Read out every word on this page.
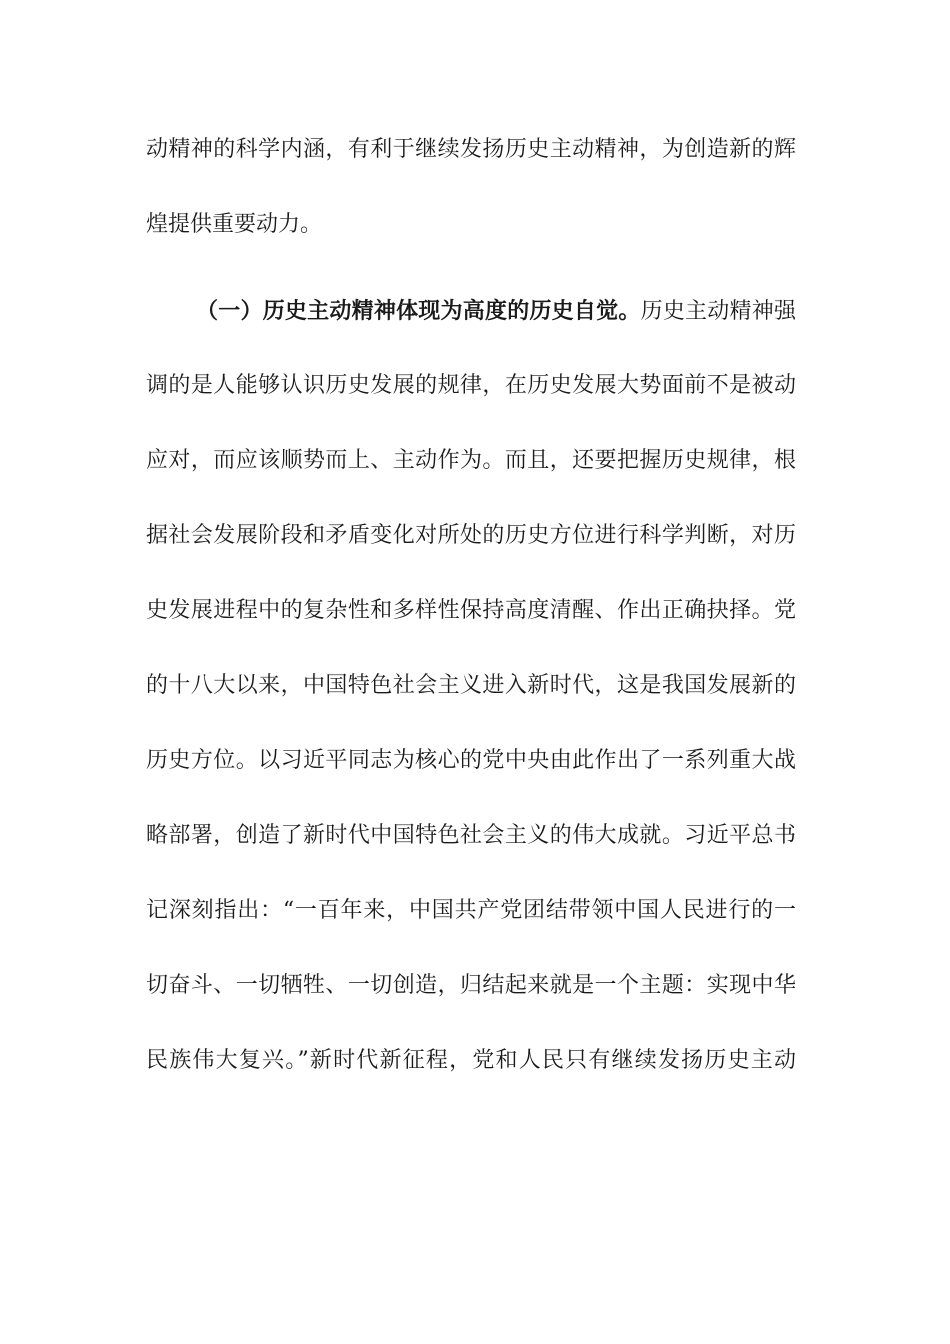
动精神的科学内涵，有利于继续发扬历史主动精神，为创造新的辉
煌提供重要动力。
（一）历史主动精神体现为高度的历史自觉。历史主动精神强
调的是人能够认识历史发展的规律，在历史发展大势面前不是被动
应对，而应该顺势而上、主动作为。而且，还要把握历史规律，根
据社会发展阶段和矛盾变化对所处的历史方位进行科学判断，对历
史发展进程中的复杂性和多样性保持高度清醒、作出正确抉择。党
的十八大以来，中国特色社会主义进入新时代，这是我国发展新的
历史方位。以习近平同志为核心的党中央由此作出了一系列重大战
略部署，创造了新时代中国特色社会主义的伟大成就。习近平总书
记深刻指出：“一百年来，中国共产党团结带领中国人民进行的一
切奋斗、一切牺牲、一切创造，归结起来就是一个主题：实现中华
民族伟大复兴。”新时代新征程，党和人民只有继续发扬历史主动
